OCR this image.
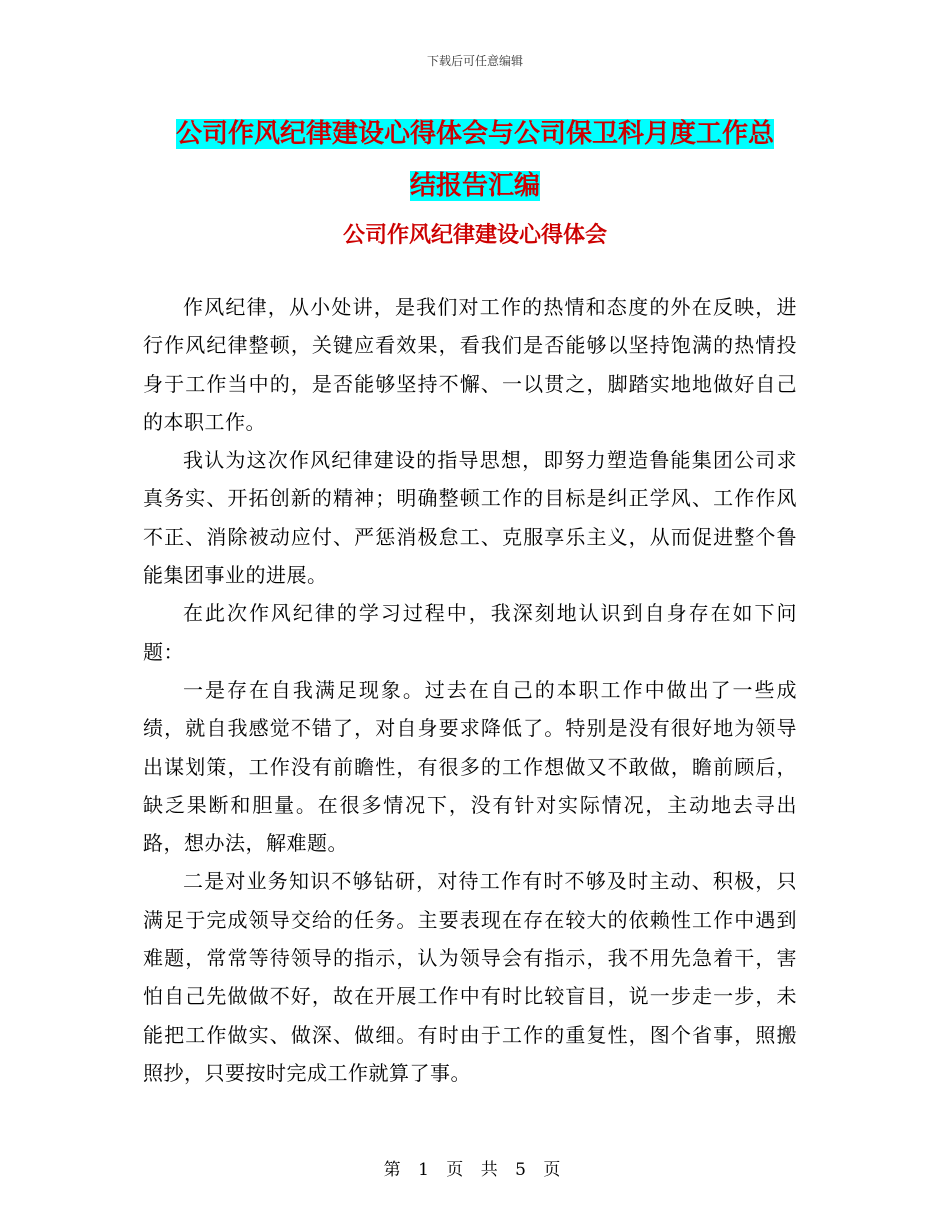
下载后可任意编辑
公司作风纪律建设心得体会与公司保卫科月度工作总
结报告汇编
公司作风纪律建设心得体会

作风纪律，从小处讲，是我们对工作的热情和态度的外在反映，进行作风纪律整顿，关键应看效果，看我们是否能够以坚持饱满的热情投身于工作当中的，是否能够坚持不懈、一以贯之，脚踏实地地做好自己的本职工作。

我认为这次作风纪律建设的指导思想，即努力塑造鲁能集团公司求真务实、开拓创新的精神；明确整顿工作的目标是纠正学风、工作作风不正、消除被动应付、严惩消极怠工、克服享乐主义，从而促进整个鲁能集团事业的进展。

在此次作风纪律的学习过程中，我深刻地认识到自身存在如下问题：

一是存在自我满足现象。过去在自己的本职工作中做出了一些成绩，就自我感觉不错了，对自身要求降低了。特别是没有很好地为领导出谋划策，工作没有前瞻性，有很多的工作想做又不敢做，瞻前顾后，缺乏果断和胆量。在很多情况下，没有针对实际情况，主动地去寻出路，想办法，解难题。

二是对业务知识不够钻研，对待工作有时不够及时主动、积极，只满足于完成领导交给的任务。主要表现在存在较大的依赖性工作中遇到难题，常常等待领导的指示，认为领导会有指示，我不用先急着干，害怕自己先做做不好，故在开展工作中有时比较盲目，说一步走一步，未能把工作做实、做深、做细。有时由于工作的重复性，图个省事，照搬照抄，只要按时完成工作就算了事。

第 1 页 共 5 页
